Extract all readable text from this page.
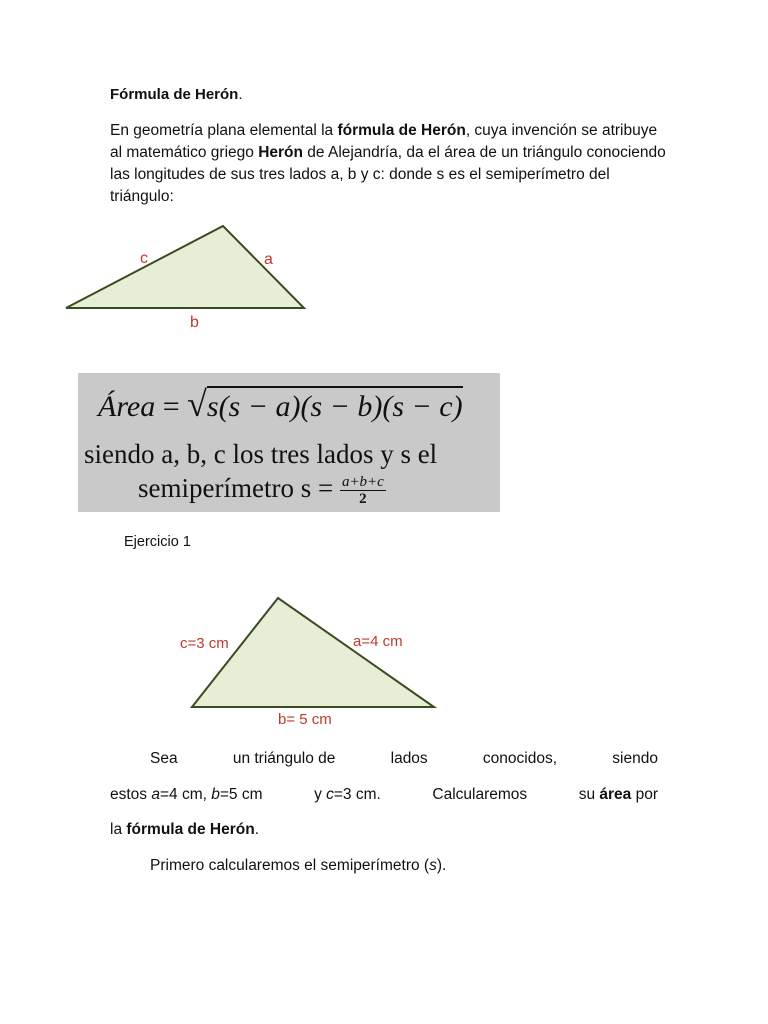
Fórmula de Herón.
En geometría plana elemental la fórmula de Herón, cuya invención se atribuye al matemático griego Herón de Alejandría, da el área de un triángulo conociendo las longitudes de sus tres lados a, b y c: donde s es el semiperímetro del triángulo:
c	a
b
Área = √s(s − a)(s − b)(s − c)
siendo a, b, c los tres lados y s el
semiperímetro $s = \frac{a+b+c}{2}$
Ejercicio 1
c=3 cm	a=4 cm
b= 5 cm
Sea	un triángulo de	lados	conocidos,	siendo
estos a=4 cm, b=5 cm	y c=3 cm.	Calcularemos	su área por
la fórmula de Herón.
Primero calcularemos el semiperímetro (s).
